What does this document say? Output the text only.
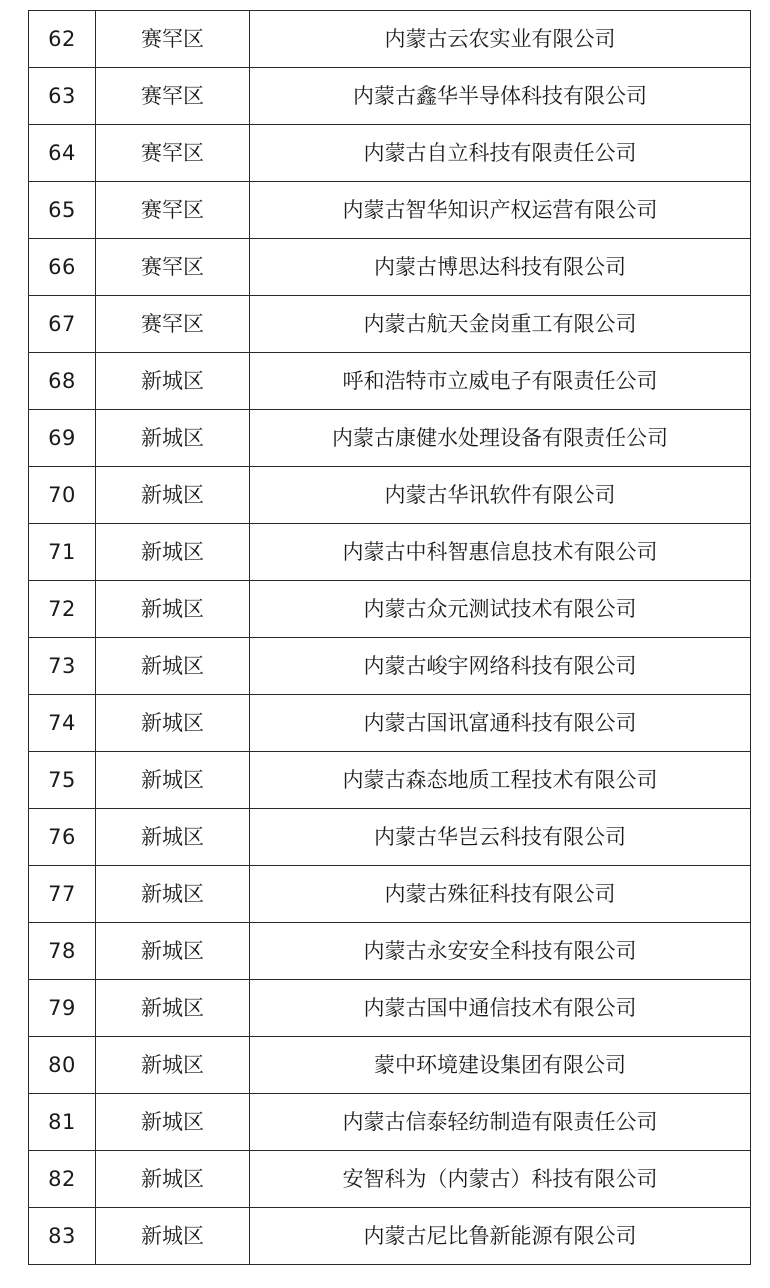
62	赛罕区	内蒙古云农实业有限公司
63	赛罕区	内蒙古鑫华半导体科技有限公司
64	赛罕区	内蒙古自立科技有限责任公司
65	赛罕区	内蒙古智华知识产权运营有限公司
66	赛罕区	内蒙古博思达科技有限公司
67	赛罕区	内蒙古航天金岗重工有限公司
68	新城区	呼和浩特市立威电子有限责任公司
69	新城区	内蒙古康健水处理设备有限责任公司
70	新城区	内蒙古华讯软件有限公司
71	新城区	内蒙古中科智惠信息技术有限公司
72	新城区	内蒙古众元测试技术有限公司
73	新城区	内蒙古峻宇网络科技有限公司
74	新城区	内蒙古国讯富通科技有限公司
75	新城区	内蒙古森态地质工程技术有限公司
76	新城区	内蒙古华岂云科技有限公司
77	新城区	内蒙古殊征科技有限公司
78	新城区	内蒙古永安安全科技有限公司
79	新城区	内蒙古国中通信技术有限公司
80	新城区	蒙中环境建设集团有限公司
81	新城区	内蒙古信泰轻纺制造有限责任公司
82	新城区	安智科为（内蒙古）科技有限公司
83	新城区	内蒙古尼比鲁新能源有限公司
